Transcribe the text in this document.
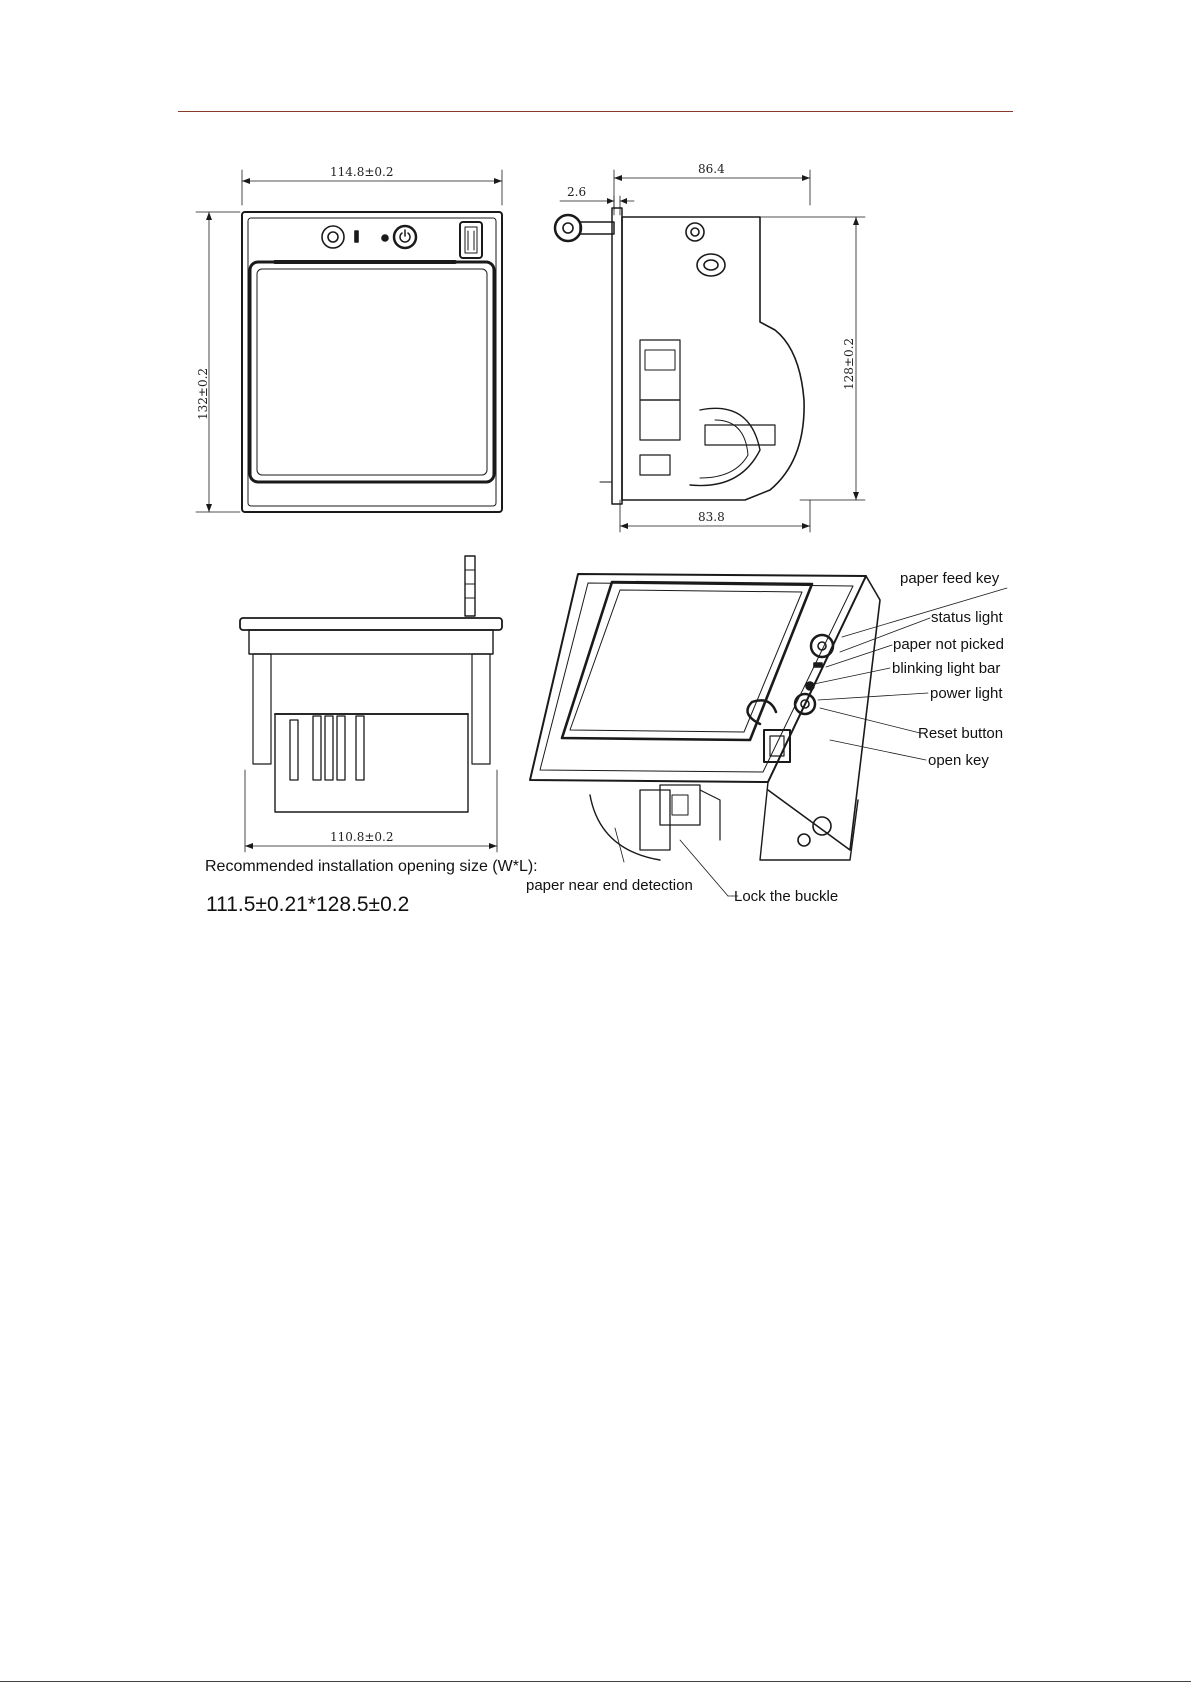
114.8±0.2
132±0.2
86.4
2.6
128±0.2
83.8
110.8±0.2
paper feed key
status light
paper not picked
blinking light bar
power light
Reset button
open key
paper near end detection
Lock the buckle
Recommended installation opening size (W*L):
111.5±0.21*128.5±0.2
